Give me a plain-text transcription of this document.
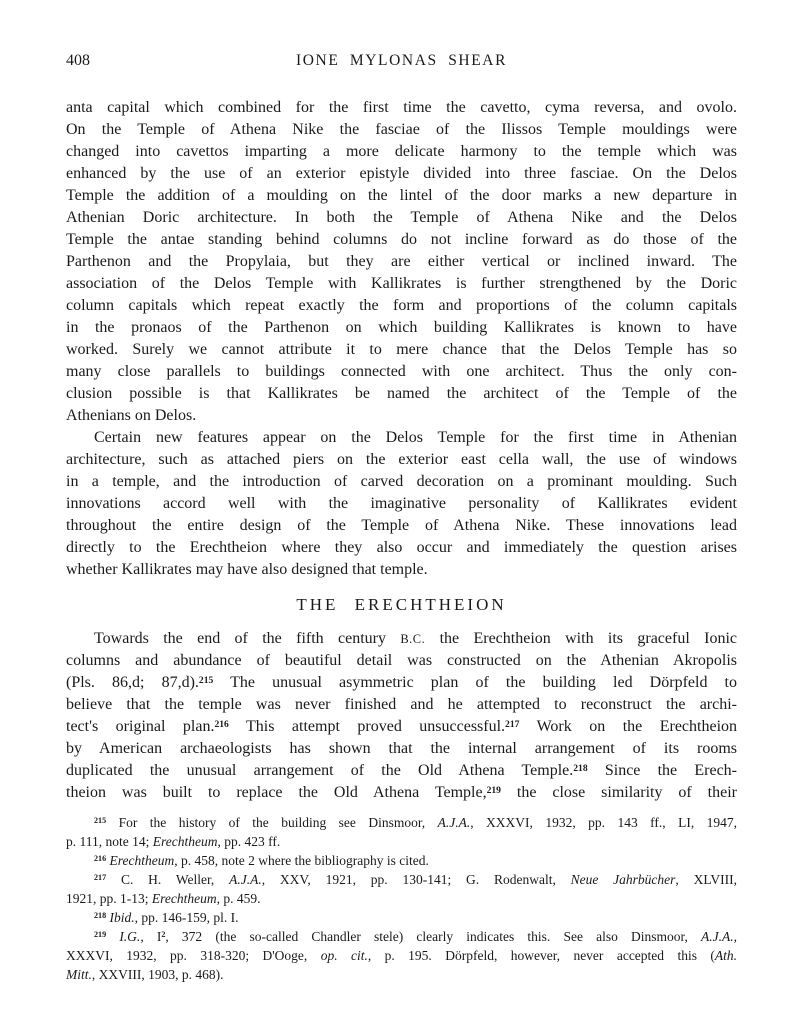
408	IONE MYLONAS SHEAR
anta capital which combined for the first time the cavetto, cyma reversa, and ovolo.
On the Temple of Athena Nike the fasciae of the Ilissos Temple mouldings were
changed into cavettos imparting a more delicate harmony to the temple which was
enhanced by the use of an exterior epistyle divided into three fasciae. On the Delos
Temple the addition of a moulding on the lintel of the door marks a new departure in
Athenian Doric architecture. In both the Temple of Athena Nike and the Delos
Temple the antae standing behind columns do not incline forward as do those of the
Parthenon and the Propylaia, but they are either vertical or inclined inward. The
association of the Delos Temple with Kallikrates is further strengthened by the Doric
column capitals which repeat exactly the form and proportions of the column capitals
in the pronaos of the Parthenon on which building Kallikrates is known to have
worked. Surely we cannot attribute it to mere chance that the Delos Temple has so
many close parallels to buildings connected with one architect. Thus the only con-
clusion possible is that Kallikrates be named the architect of the Temple of the
Athenians on Delos.
Certain new features appear on the Delos Temple for the first time in Athenian
architecture, such as attached piers on the exterior east cella wall, the use of windows
in a temple, and the introduction of carved decoration on a prominant moulding. Such
innovations accord well with the imaginative personality of Kallikrates evident
throughout the entire design of the Temple of Athena Nike. These innovations lead
directly to the Erechtheion where they also occur and immediately the question arises
whether Kallikrates may have also designed that temple.
THE ERECHTHEION
Towards the end of the fifth century B.C. the Erechtheion with its graceful Ionic
columns and abundance of beautiful detail was constructed on the Athenian Akropolis
(Pls. 86,d; 87,d).$^{215}$ The unusual asymmetric plan of the building led Dörpfeld to
believe that the temple was never finished and he attempted to reconstruct the archi-
tect's original plan.$^{216}$ This attempt proved unsuccessful.$^{217}$ Work on the Erechtheion
by American archaeologists has shown that the internal arrangement of its rooms
duplicated the unusual arrangement of the Old Athena Temple.$^{218}$ Since the Erech-
theion was built to replace the Old Athena Temple,$^{219}$ the close similarity of their
$^{215}$ For the history of the building see Dinsmoor, A.J.A., XXXVI, 1932, pp. 143 ff., LI, 1947,
p. 111, note 14; Erechtheum, pp. 423 ff.
$^{216}$ Erechtheum, p. 458, note 2 where the bibliography is cited.
$^{217}$ C. H. Weller, A.J.A., XXV, 1921, pp. 130-141; G. Rodenwalt, Neue Jahrbücher, XLVIII,
1921, pp. 1-13; Erechtheum, p. 459.
$^{218}$ Ibid., pp. 146-159, pl. I.
$^{219}$ I.G., $I^2$, 372 (the so-called Chandler stele) clearly indicates this. See also Dinsmoor, A.J.A.,
XXXVI, 1932, pp. 318-320; D'Ooge, op. cit., p. 195. Dörpfeld, however, never accepted this (Ath.
Mitt., XXVIII, 1903, p. 468).
